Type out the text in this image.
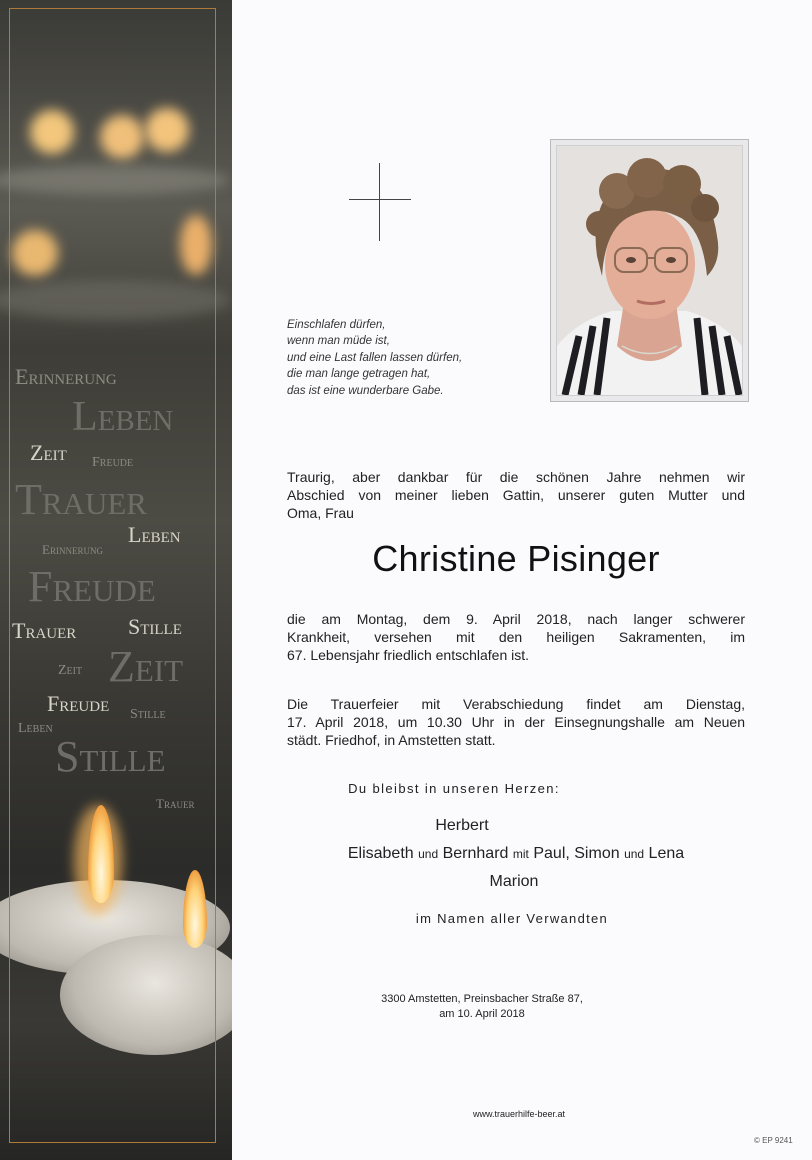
Erinnerung
Leben
Zeit Freude
Trauer
Leben
Erinnerung
Freude
Trauer Stille
Zeit Zeit
Freude Stille
Leben
Stille
Trauer
Einschlafen dürfen,
wenn man müde ist,
und eine Last fallen lassen dürfen,
die man lange getragen hat,
das ist eine wunderbare Gabe.
Traurig, aber dankbar für die schönen Jahre nehmen wir
Abschied von meiner lieben Gattin, unserer guten Mutter und
Oma, Frau
Christine Pisinger
die am Montag, dem 9. April 2018, nach langer schwerer
Krankheit, versehen mit den heiligen Sakramenten, im
67. Lebensjahr friedlich entschlafen ist.
Die Trauerfeier mit Verabschiedung findet am Dienstag,
17. April 2018, um 10.30 Uhr in der Einsegnungshalle am Neuen
städt. Friedhof, in Amstetten statt.
Du bleibst in unseren Herzen:
Herbert
Elisabeth und Bernhard mit Paul, Simon und Lena
Marion
im Namen aller Verwandten
3300 Amstetten, Preinsbacher Straße 87,
am 10. April 2018
www.trauerhilfe-beer.at
© EP 9241
